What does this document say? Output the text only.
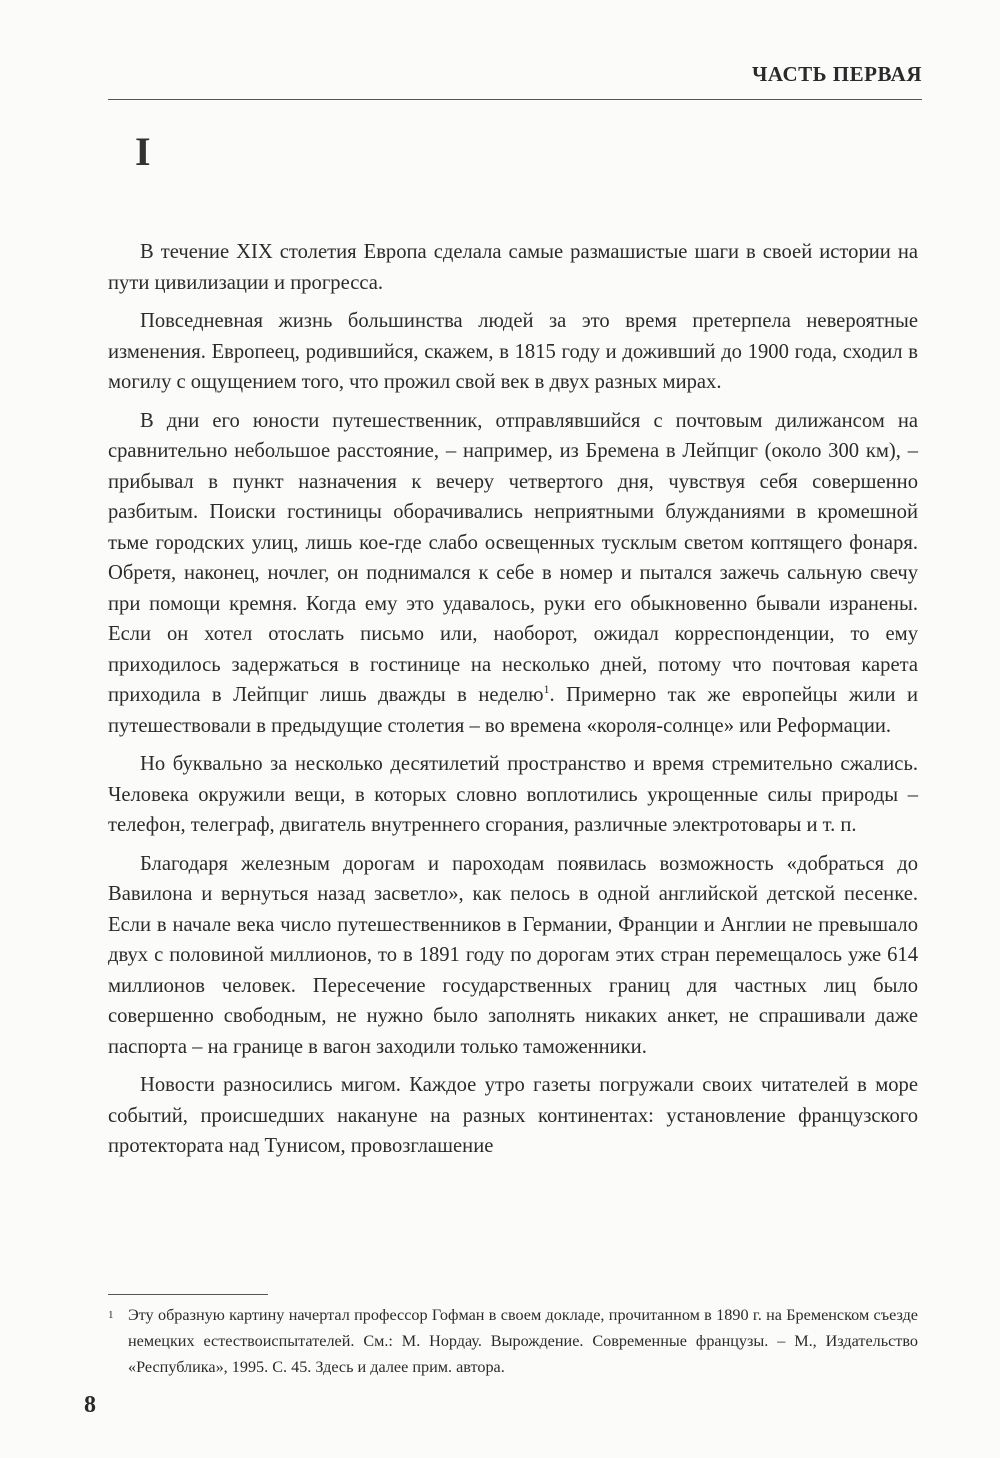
ЧАСТЬ ПЕРВАЯ
I

В течение XIX столетия Европа сделала самые размашистые шаги в своей истории на пути цивилизации и прогресса.

Повседневная жизнь большинства людей за это время претерпела невероятные изменения. Европеец, родившийся, скажем, в 1815 году и доживший до 1900 года, сходил в могилу с ощущением того, что прожил свой век в двух разных мирах.

В дни его юности путешественник, отправлявшийся с почтовым дилижансом на сравнительно небольшое расстояние, – например, из Бремена в Лейпциг (около 300 км), – прибывал в пункт назначения к вечеру четвертого дня, чувствуя себя совершенно разбитым. Поиски гостиницы оборачивались неприятными блужданиями в кромешной тьме городских улиц, лишь кое-где слабо освещенных тусклым светом коптящего фонаря. Обретя, наконец, ночлег, он поднимался к себе в номер и пытался зажечь сальную свечу при помощи кремня. Когда ему это удавалось, руки его обыкновенно бывали изранены. Если он хотел отослать письмо или, наоборот, ожидал корреспонденции, то ему приходилось задержаться в гостинице на несколько дней, потому что почтовая карета приходила в Лейпциг лишь дважды в неделю$^1$. Примерно так же европейцы жили и путешествовали в предыдущие столетия – во времена «короля-солнце» или Реформации.

Но буквально за несколько десятилетий пространство и время стремительно сжались. Человека окружили вещи, в которых словно воплотились укрощенные силы природы – телефон, телеграф, двигатель внутреннего сгорания, различные электротовары и т. п.

Благодаря железным дорогам и пароходам появилась возможность «добраться до Вавилона и вернуться назад засветло», как пелось в одной английской детской песенке. Если в начале века число путешественников в Германии, Франции и Англии не превышало двух с половиной миллионов, то в 1891 году по дорогам этих стран перемещалось уже 614 миллионов человек. Пересечение государственных границ для частных лиц было совершенно свободным, не нужно было заполнять никаких анкет, не спрашивали даже паспорта – на границе в вагон заходили только таможенники.

Новости разносились мигом. Каждое утро газеты погружали своих читателей в море событий, происшедших накануне на разных континентах: установление французского протектората над Тунисом, провозглашение

1 Эту образную картину начертал профессор Гофман в своем докладе, прочитанном в 1890 г. на Бременском съезде немецких естествоиспытателей. См.: М. Нордау. Вырождение. Современные французы. – М., Издательство «Республика», 1995. С. 45. Здесь и далее прим. автора.
8
